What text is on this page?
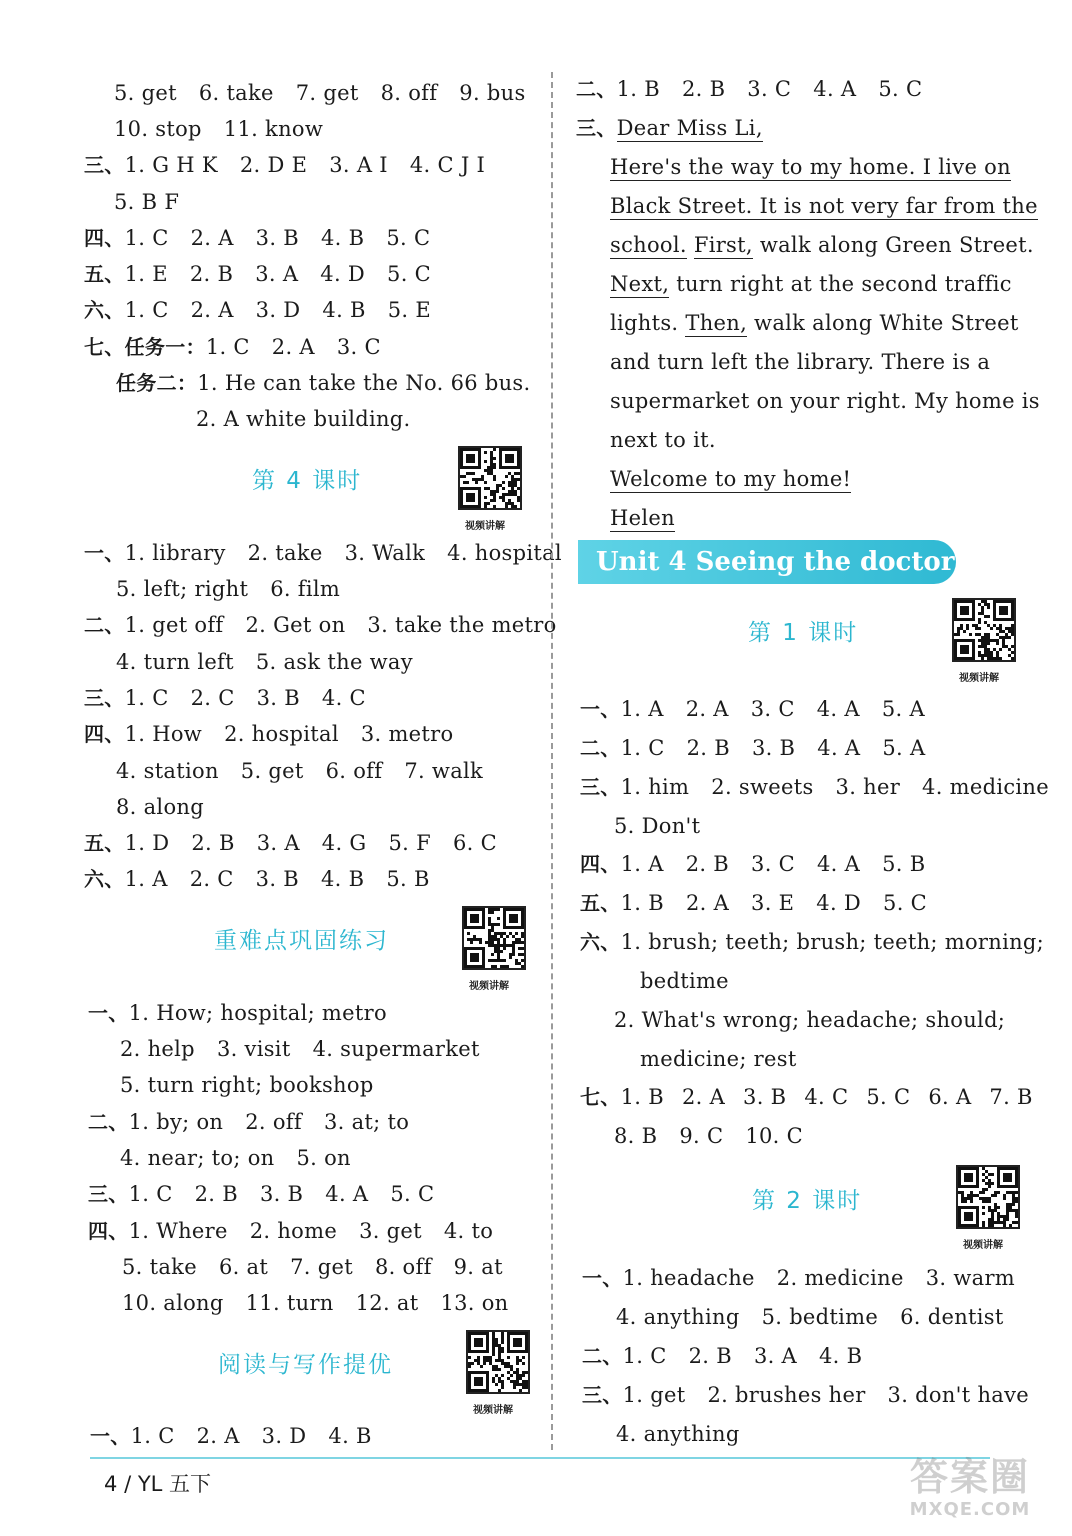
5. get 6. take 7. get 8. off 9. bus
10. stop 11. know
三、1. G H K 2. D E 3. A I 4. C J I
5. B F
四、1. C 2. A 3. B 4. B 5. C
五、1. E 2. B 3. A 4. D 5. C
六、1. C 2. A 3. D 4. B 5. E
七、任务一：1. C 2. A 3. C
任务二：1. He can take the No. 66 bus.
2. A white building.
第 4 课时
视频讲解
一、1. library 2. take 3. Walk 4. hospital
5. left; right 6. film
二、1. get off 2. Get on 3. take the metro
4. turn left 5. ask the way
三、1. C 2. C 3. B 4. C
四、1. How 2. hospital 3. metro
4. station 5. get 6. off 7. walk
8. along
五、1. D 2. B 3. A 4. G 5. F 6. C
六、1. A 2. C 3. B 4. B 5. B
重难点巩固练习
视频讲解
一、1. How; hospital; metro
2. help 3. visit 4. supermarket
5. turn right; bookshop
二、1. by; on 2. off 3. at; to
4. near; to; on 5. on
三、1. C 2. B 3. B 4. A 5. C
四、1. Where 2. home 3. get 4. to
5. take 6. at 7. get 8. off 9. at
10. along 11. turn 12. at 13. on
阅读与写作提优
视频讲解
一、1. C 2. A 3. D 4. B
二、1. B 2. B 3. C 4. A 5. C
三、Dear Miss Li,
Here's the way to my home. I live on
Black Street. It is not very far from the
school. First, walk along Green Street.
Next, turn right at the second traffic
lights. Then, walk along White Street
and turn left the library. There is a
supermarket on your right. My home is
next to it.
Welcome to my home!
Helen
Unit 4 Seeing the doctor
第 1 课时
视频讲解
一、1. A 2. A 3. C 4. A 5. A
二、1. C 2. B 3. B 4. A 5. A
三、1. him 2. sweets 3. her 4. medicine
5. Don't
四、1. A 2. B 3. C 4. A 5. B
五、1. B 2. A 3. E 4. D 5. C
六、1. brush; teeth; brush; teeth; morning;
bedtime
2. What's wrong; headache; should;
medicine; rest
七、1. B 2. A 3. B 4. C 5. C 6. A 7. B
8. B 9. C 10. C
第 2 课时
视频讲解
一、1. headache 2. medicine 3. warm
4. anything 5. bedtime 6. dentist
二、1. C 2. B 3. A 4. B
三、1. get 2. brushes her 3. don't have
4. anything
4 / YL 五下	答案圈
MXQE.COM
